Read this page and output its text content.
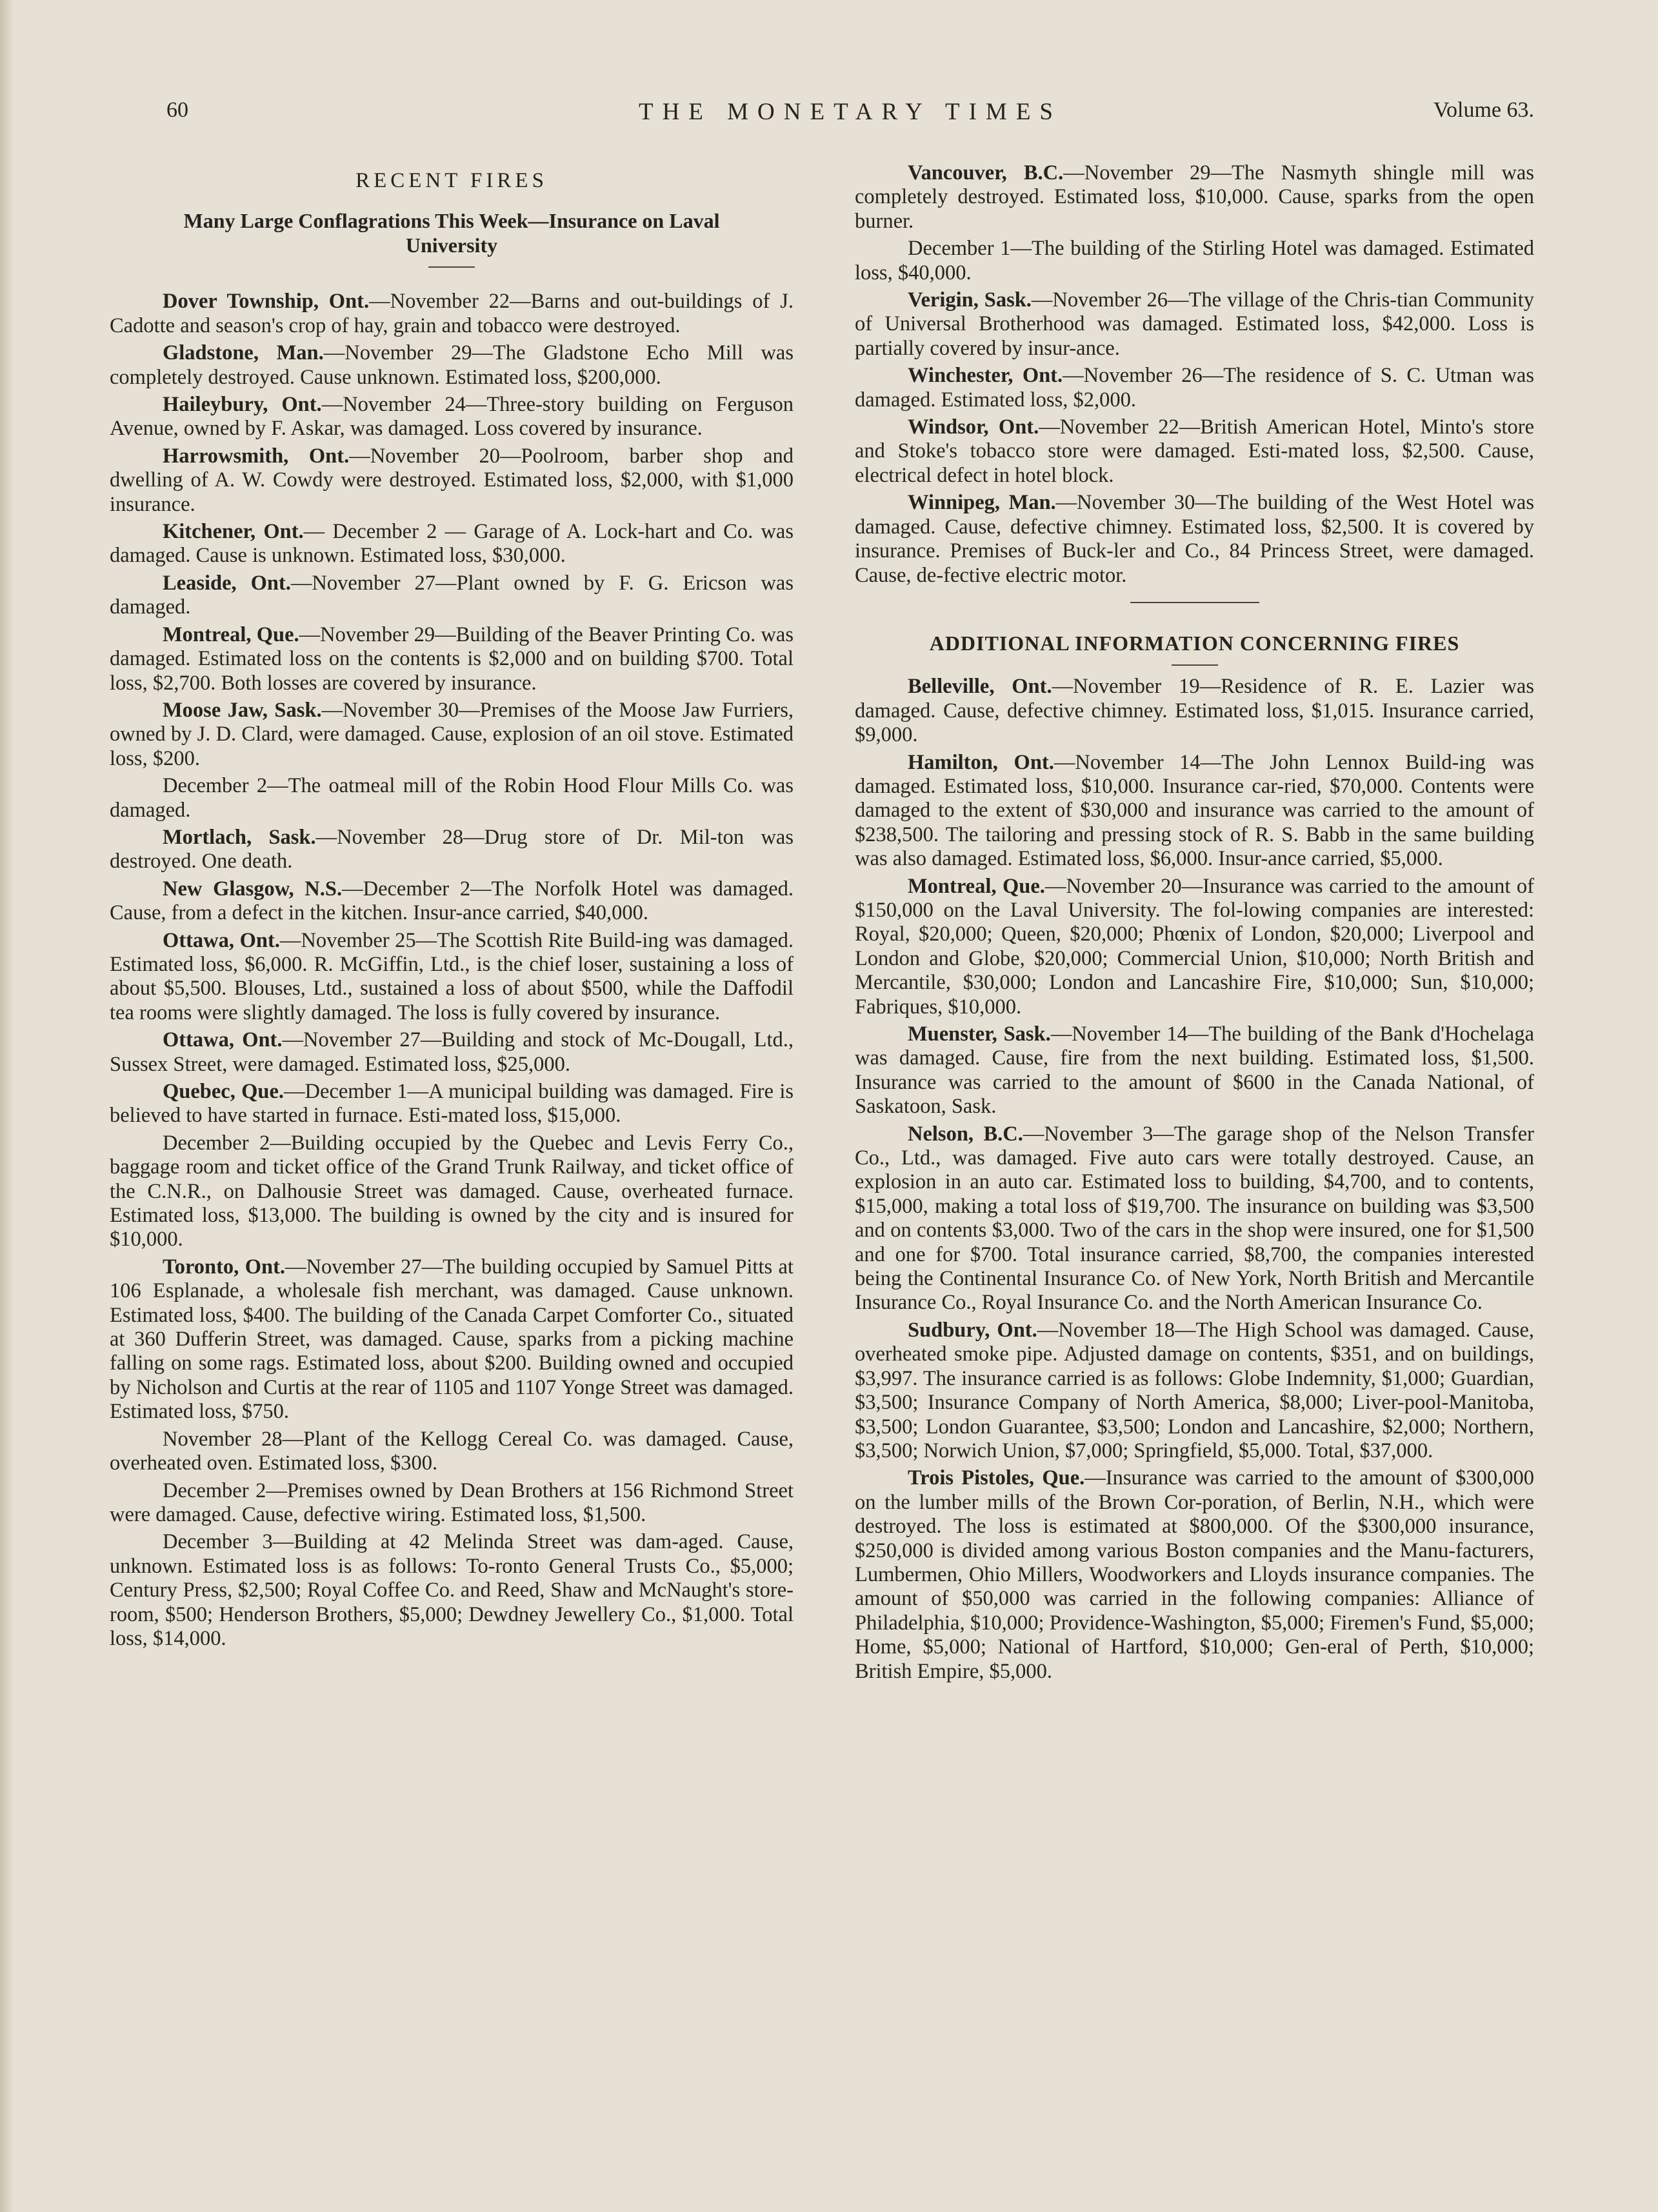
60	THE MONETARY TIMES	Volume 63.
RECENT FIRES
Many Large Conflagrations This Week—Insurance on Laval University

Dover Township, Ont.—November 22—Barns and out-buildings of J. Cadotte and season's crop of hay, grain and tobacco were destroyed.

Gladstone, Man.—November 29—The Gladstone Echo Mill was completely destroyed. Cause unknown. Estimated loss, $200,000.

Haileybury, Ont.—November 24—Three-story building on Ferguson Avenue, owned by F. Askar, was damaged. Loss covered by insurance.

Harrowsmith, Ont.—November 20—Poolroom, barber shop and dwelling of A. W. Cowdy were destroyed. Estimated loss, $2,000, with $1,000 insurance.

Kitchener, Ont.— December 2 — Garage of A. Lock-hart and Co. was damaged. Cause is unknown. Estimated loss, $30,000.

Leaside, Ont.—November 27—Plant owned by F. G. Ericson was damaged.

Montreal, Que.—November 29—Building of the Beaver Printing Co. was damaged. Estimated loss on the contents is $2,000 and on building $700. Total loss, $2,700. Both losses are covered by insurance.

Moose Jaw, Sask.—November 30—Premises of the Moose Jaw Furriers, owned by J. D. Clard, were damaged. Cause, explosion of an oil stove. Estimated loss, $200.

December 2—The oatmeal mill of the Robin Hood Flour Mills Co. was damaged.

Mortlach, Sask.—November 28—Drug store of Dr. Mil-ton was destroyed. One death.

New Glasgow, N.S.—December 2—The Norfolk Hotel was damaged. Cause, from a defect in the kitchen. Insur-ance carried, $40,000.

Ottawa, Ont.—November 25—The Scottish Rite Build-ing was damaged. Estimated loss, $6,000. R. McGiffin, Ltd., is the chief loser, sustaining a loss of about $5,500. Blouses, Ltd., sustained a loss of about $500, while the Daffodil tea rooms were slightly damaged. The loss is fully covered by insurance.

Ottawa, Ont.—November 27—Building and stock of Mc-Dougall, Ltd., Sussex Street, were damaged. Estimated loss, $25,000.

Quebec, Que.—December 1—A municipal building was damaged. Fire is believed to have started in furnace. Esti-mated loss, $15,000.

December 2—Building occupied by the Quebec and Levis Ferry Co., baggage room and ticket office of the Grand Trunk Railway, and ticket office of the C.N.R., on Dalhousie Street was damaged. Cause, overheated furnace. Estimated loss, $13,000. The building is owned by the city and is insured for $10,000.

Toronto, Ont.—November 27—The building occupied by Samuel Pitts at 106 Esplanade, a wholesale fish merchant, was damaged. Cause unknown. Estimated loss, $400. The building of the Canada Carpet Comforter Co., situated at 360 Dufferin Street, was damaged. Cause, sparks from a picking machine falling on some rags. Estimated loss, about $200. Building owned and occupied by Nicholson and Curtis at the rear of 1105 and 1107 Yonge Street was damaged. Estimated loss, $750.

November 28—Plant of the Kellogg Cereal Co. was damaged. Cause, overheated oven. Estimated loss, $300.

December 2—Premises owned by Dean Brothers at 156 Richmond Street were damaged. Cause, defective wiring. Estimated loss, $1,500.

December 3—Building at 42 Melinda Street was dam-aged. Cause, unknown. Estimated loss is as follows: To-ronto General Trusts Co., $5,000; Century Press, $2,500; Royal Coffee Co. and Reed, Shaw and McNaught's store-room, $500; Henderson Brothers, $5,000; Dewdney Jewellery Co., $1,000. Total loss, $14,000.

Vancouver, B.C.—November 29—The Nasmyth shingle mill was completely destroyed. Estimated loss, $10,000. Cause, sparks from the open burner.

December 1—The building of the Stirling Hotel was damaged. Estimated loss, $40,000.

Verigin, Sask.—November 26—The village of the Chris-tian Community of Universal Brotherhood was damaged. Estimated loss, $42,000. Loss is partially covered by insur-ance.

Winchester, Ont.—November 26—The residence of S. C. Utman was damaged. Estimated loss, $2,000.

Windsor, Ont.—November 22—British American Hotel, Minto's store and Stoke's tobacco store were damaged. Esti-mated loss, $2,500. Cause, electrical defect in hotel block.

Winnipeg, Man.—November 30—The building of the West Hotel was damaged. Cause, defective chimney. Estimated loss, $2,500. It is covered by insurance. Premises of Buck-ler and Co., 84 Princess Street, were damaged. Cause, de-fective electric motor.

ADDITIONAL INFORMATION CONCERNING FIRES

Belleville, Ont.—November 19—Residence of R. E. Lazier was damaged. Cause, defective chimney. Estimated loss, $1,015. Insurance carried, $9,000.

Hamilton, Ont.—November 14—The John Lennox Build-ing was damaged. Estimated loss, $10,000. Insurance car-ried, $70,000. Contents were damaged to the extent of $30,000 and insurance was carried to the amount of $238,500. The tailoring and pressing stock of R. S. Babb in the same building was also damaged. Estimated loss, $6,000. Insur-ance carried, $5,000.

Montreal, Que.—November 20—Insurance was carried to the amount of $150,000 on the Laval University. The fol-lowing companies are interested: Royal, $20,000; Queen, $20,000; Phœnix of London, $20,000; Liverpool and London and Globe, $20,000; Commercial Union, $10,000; North British and Mercantile, $30,000; London and Lancashire Fire, $10,000; Sun, $10,000; Fabriques, $10,000.

Muenster, Sask.—November 14—The building of the Bank d'Hochelaga was damaged. Cause, fire from the next building. Estimated loss, $1,500. Insurance was carried to the amount of $600 in the Canada National, of Saskatoon, Sask.

Nelson, B.C.—November 3—The garage shop of the Nelson Transfer Co., Ltd., was damaged. Five auto cars were totally destroyed. Cause, an explosion in an auto car. Estimated loss to building, $4,700, and to contents, $15,000, making a total loss of $19,700. The insurance on building was $3,500 and on contents $3,000. Two of the cars in the shop were insured, one for $1,500 and one for $700. Total insurance carried, $8,700, the companies interested being the Continental Insurance Co. of New York, North British and Mercantile Insurance Co., Royal Insurance Co. and the North American Insurance Co.

Sudbury, Ont.—November 18—The High School was damaged. Cause, overheated smoke pipe. Adjusted damage on contents, $351, and on buildings, $3,997. The insurance carried is as follows: Globe Indemnity, $1,000; Guardian, $3,500; Insurance Company of North America, $8,000; Liver-pool-Manitoba, $3,500; London Guarantee, $3,500; London and Lancashire, $2,000; Northern, $3,500; Norwich Union, $7,000; Springfield, $5,000. Total, $37,000.

Trois Pistoles, Que.—Insurance was carried to the amount of $300,000 on the lumber mills of the Brown Cor-poration, of Berlin, N.H., which were destroyed. The loss is estimated at $800,000. Of the $300,000 insurance, $250,000 is divided among various Boston companies and the Manu-facturers, Lumbermen, Ohio Millers, Woodworkers and Lloyds insurance companies. The amount of $50,000 was carried in the following companies: Alliance of Philadelphia, $10,000; Providence-Washington, $5,000; Firemen's Fund, $5,000; Home, $5,000; National of Hartford, $10,000; Gen-eral of Perth, $10,000; British Empire, $5,000.
